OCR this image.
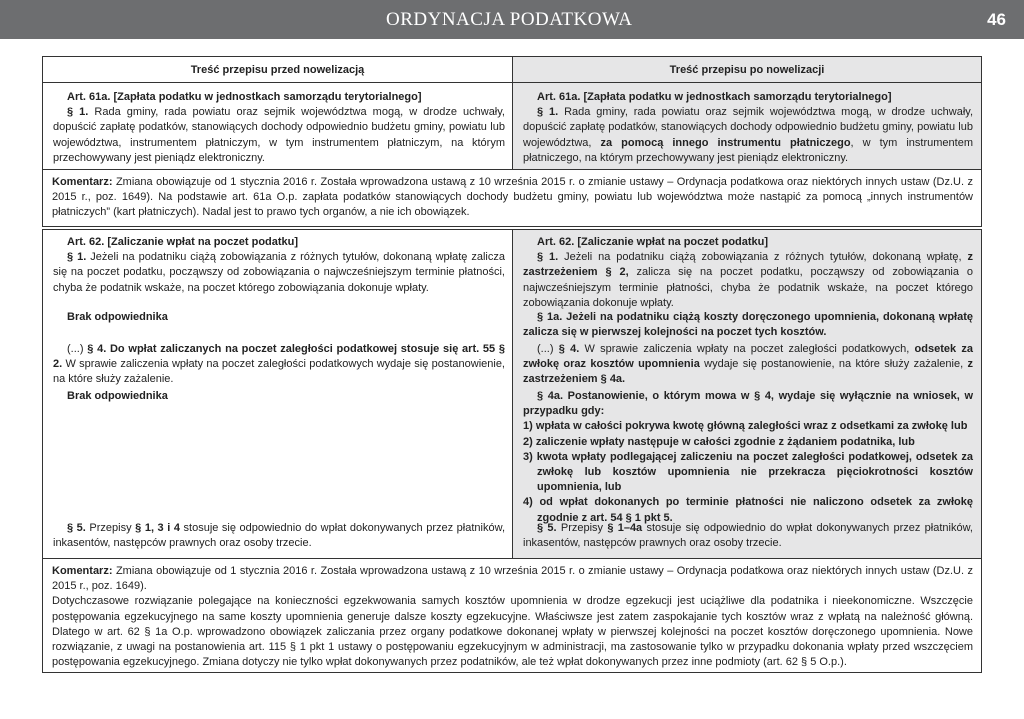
ORDYNACJA PODATKOWA	46
Treść przepisu przed nowelizacją	Treść przepisu po nowelizacji
Art. 61a. [Zapłata podatku w jednostkach samorządu terytorialnego]
§ 1. Rada gminy, rada powiatu oraz sejmik województwa mogą, w drodze uchwały, dopuścić zapłatę podatków, stanowiących dochody odpowiednio budżetu gminy, powiatu lub województwa, instrumentem płatniczym, w tym instrumentem płatniczym, na którym przechowywany jest pieniądz elektroniczny.
Art. 61a. [Zapłata podatku w jednostkach samorządu terytorialnego]
§ 1. Rada gminy, rada powiatu oraz sejmik województwa mogą, w drodze uchwały, dopuścić zapłatę podatków, stanowiących dochody odpowiednio budżetu gminy, powiatu lub województwa, za pomocą innego instrumentu płatniczego, w tym instrumentem płatniczego, na którym przechowywany jest pieniądz elektroniczny.
Komentarz: Zmiana obowiązuje od 1 stycznia 2016 r. Została wprowadzona ustawą z 10 września 2015 r. o zmianie ustawy – Ordynacja podatkowa oraz niektórych innych ustaw (Dz.U. z 2015 r., poz. 1649). Na podstawie art. 61a O.p. zapłata podatków stanowiących dochody budżetu gminy, powiatu lub województwa może nastąpić za pomocą „innych instrumentów płatniczych” (kart płatniczych). Nadal jest to prawo tych organów, a nie ich obowiązek.
Art. 62. [Zaliczanie wpłat na poczet podatku]
§ 1. Jeżeli na podatniku ciążą zobowiązania z różnych tytułów, dokonaną wpłatę zalicza się na poczet podatku, począwszy od zobowiązania o najwcześniejszym terminie płatności, chyba że podatnik wskaże, na poczet którego zobowiązania dokonuje wpłaty.
Brak odpowiednika
(...) § 4. Do wpłat zaliczanych na poczet zaległości podatkowej stosuje się art. 55 § 2. W sprawie zaliczenia wpłaty na poczet zaległości podatkowych wydaje się postanowienie, na które służy zażalenie.
Brak odpowiednika
§ 5. Przepisy § 1, 3 i 4 stosuje się odpowiednio do wpłat dokonywanych przez płatników, inkasentów, następców prawnych oraz osoby trzecie.
Art. 62. [Zaliczanie wpłat na poczet podatku]
§ 1. Jeżeli na podatniku ciążą zobowiązania z różnych tytułów, dokonaną wpłatę, z zastrzeżeniem § 2, zalicza się na poczet podatku, począwszy od zobowiązania o najwcześniejszym terminie płatności, chyba że podatnik wskaże, na poczet którego zobowiązania dokonuje wpłaty.
§ 1a. Jeżeli na podatniku ciążą koszty doręczonego upomnienia, dokonaną wpłatę zalicza się w pierwszej kolejności na poczet tych kosztów.
(...) § 4. W sprawie zaliczenia wpłaty na poczet zaległości podatkowych, odsetek za zwłokę oraz kosztów upomnienia wydaje się postanowienie, na które służy zażalenie, z zastrzeżeniem § 4a.
§ 4a. Postanowienie, o którym mowa w § 4, wydaje się wyłącznie na wniosek, w przypadku gdy:
1) wpłata w całości pokrywa kwotę główną zaległości wraz z odsetkami za zwłokę lub
2) zaliczenie wpłaty następuje w całości zgodnie z żądaniem podatnika, lub
3) kwota wpłaty podlegającej zaliczeniu na poczet zaległości podatkowej, odsetek za zwłokę lub kosztów upomnienia nie przekracza pięciokrotności kosztów upomnienia, lub
4) od wpłat dokonanych po terminie płatności nie naliczono odsetek za zwłokę zgodnie z art. 54 § 1 pkt 5.
§ 5. Przepisy § 1–4a stosuje się odpowiednio do wpłat dokonywanych przez płatników, inkasentów, następców prawnych oraz osoby trzecie.
Komentarz: Zmiana obowiązuje od 1 stycznia 2016 r. Została wprowadzona ustawą z 10 września 2015 r. o zmianie ustawy – Ordynacja podatkowa oraz niektórych innych ustaw (Dz.U. z 2015 r., poz. 1649).
Dotychczasowe rozwiązanie polegające na konieczności egzekwowania samych kosztów upomnienia w drodze egzekucji jest uciążliwe dla podatnika i nieekonomiczne. Wszczęcie postępowania egzekucyjnego na same koszty upomnienia generuje dalsze koszty egzekucyjne. Właściwsze jest zatem zaspokajanie tych kosztów wraz z wpłatą na należność główną. Dlatego w art. 62 § 1a O.p. wprowadzono obowiązek zaliczania przez organy podatkowe dokonanej wpłaty w pierwszej kolejności na poczet kosztów doręczonego upomnienia. Nowe rozwiązanie, z uwagi na postanowienia art. 115 § 1 pkt 1 ustawy o postępowaniu egzekucyjnym w administracji, ma zastosowanie tylko w przypadku dokonania wpłaty przed wszczęciem postępowania egzekucyjnego. Zmiana dotyczy nie tylko wpłat dokonywanych przez podatników, ale też wpłat dokonywanych przez inne podmioty (art. 62 § 5 O.p.).
